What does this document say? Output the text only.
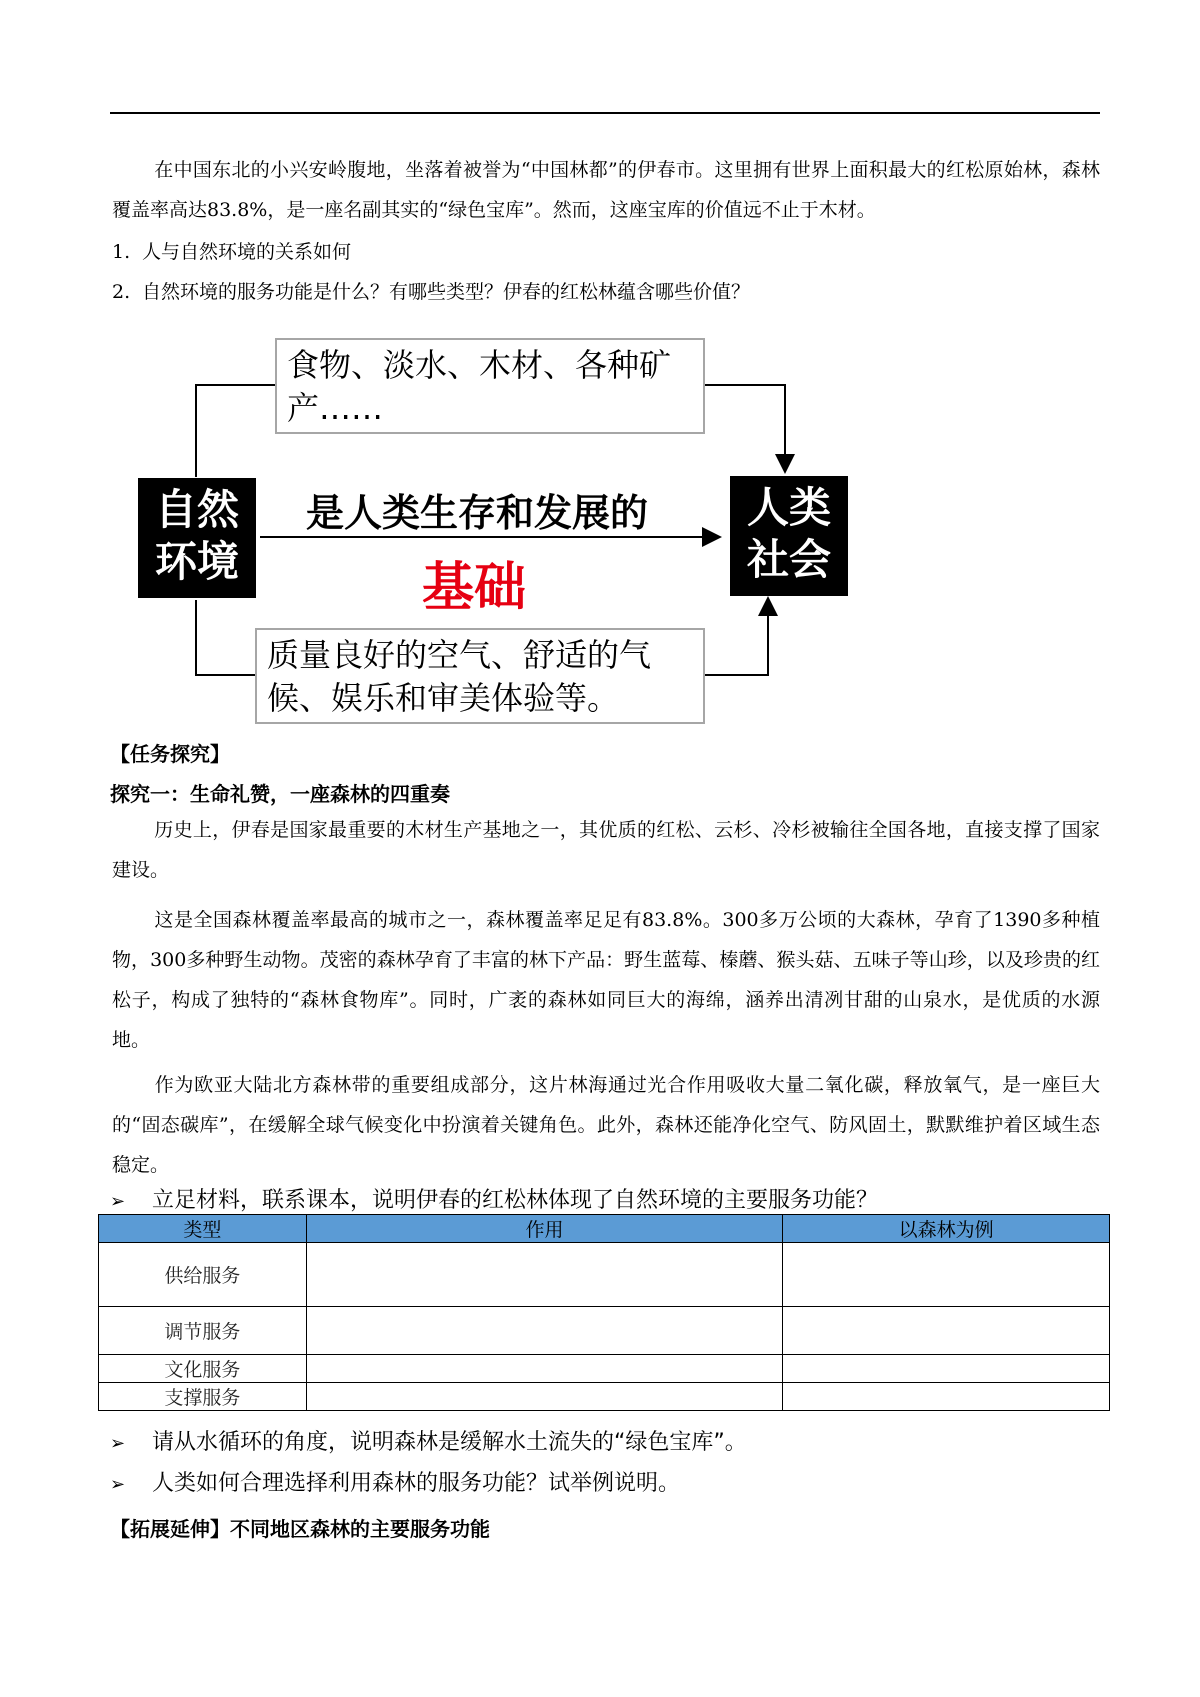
在中国东北的小兴安岭腹地，坐落着被誉为“中国林都”的伊春市。这里拥有世界上面积最大的红松原始林，森林覆盖率高达83.8%，是一座名副其实的“绿色宝库”。然而，这座宝库的价值远不止于木材。
1. 人与自然环境的关系如何
2. 自然环境的服务功能是什么？有哪些类型？伊春的红松林蕴含哪些价值？
食物、淡水、木材、各种矿产……
自然环境
人类社会
是人类生存和发展的
基础
质量良好的空气、舒适的气候、娱乐和审美体验等。
【任务探究】
探究一：生命礼赞，一座森林的四重奏
历史上，伊春是国家最重要的木材生产基地之一，其优质的红松、云杉、冷杉被输往全国各地，直接支撑了国家建设。
这是全国森林覆盖率最高的城市之一，森林覆盖率足足有83.8%。300多万公顷的大森林，孕育了1390多种植物，300多种野生动物。茂密的森林孕育了丰富的林下产品：野生蓝莓、榛蘑、猴头菇、五味子等山珍，以及珍贵的红松子，构成了独特的“森林食物库”。同时，广袤的森林如同巨大的海绵，涵养出清冽甘甜的山泉水，是优质的水源地。
作为欧亚大陆北方森林带的重要组成部分，这片林海通过光合作用吸收大量二氧化碳，释放氧气，是一座巨大的“固态碳库”，在缓解全球气候变化中扮演着关键角色。此外，森林还能净化空气、防风固土，默默维护着区域生态稳定。
➢ 立足材料，联系课本，说明伊春的红松林体现了自然环境的主要服务功能？
类型	作用	以森林为例
供给服务		
调节服务		
文化服务		
支撑服务		
➢ 请从水循环的角度，说明森林是缓解水土流失的“绿色宝库”。
➢ 人类如何合理选择利用森林的服务功能？试举例说明。
【拓展延伸】不同地区森林的主要服务功能
